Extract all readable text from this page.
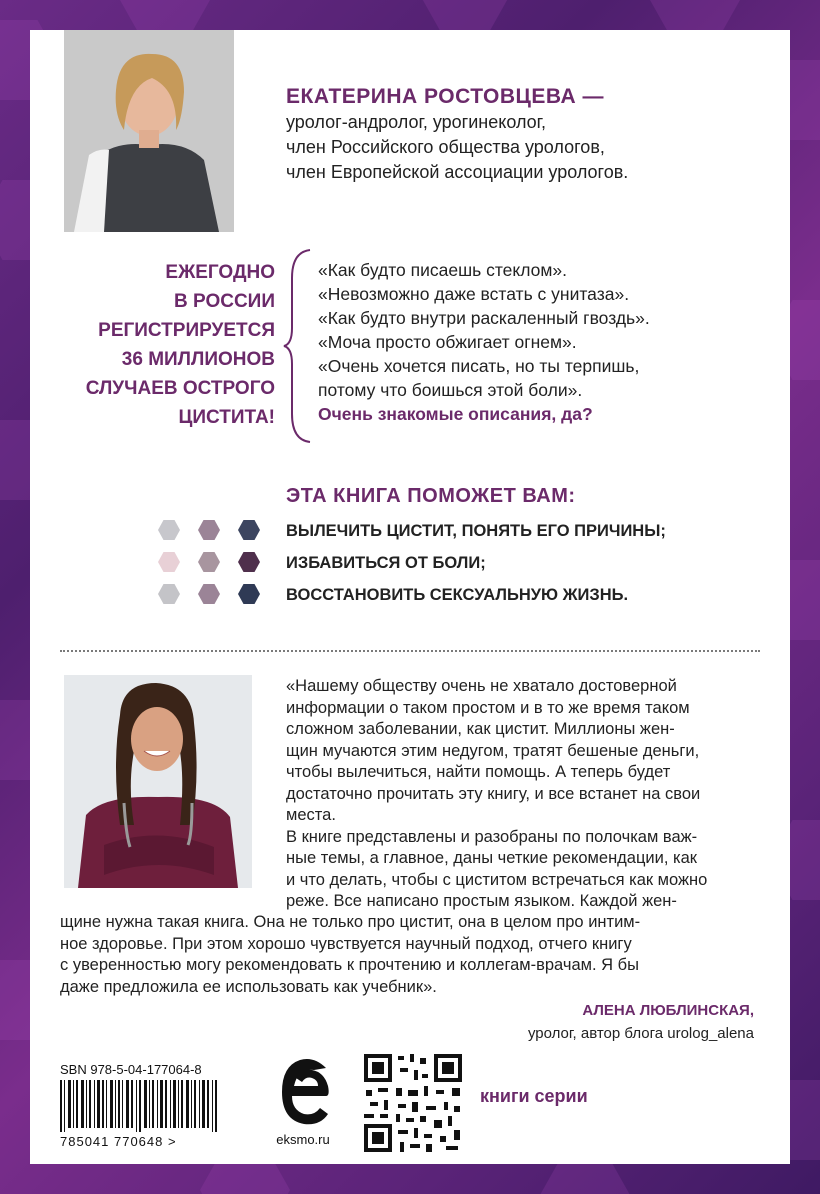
ЕКАТЕРИНА РОСТОВЦЕВА —
уролог-андролог, урогинеколог,
член Российского общества урологов,
член Европейской ассоциации урологов.
ЕЖЕГОДНО
В РОССИИ
РЕГИСТРИРУЕТСЯ
36 МИЛЛИОНОВ
СЛУЧАЕВ ОСТРОГО
ЦИСТИТА!
«Как будто писаешь стеклом».
«Невозможно даже встать с унитаза».
«Как будто внутри раскаленный гвоздь».
«Моча просто обжигает огнем».
«Очень хочется писать, но ты терпишь,
потому что боишься этой боли».
Очень знакомые описания, да?
ЭТА КНИГА ПОМОЖЕТ ВАМ:
ВЫЛЕЧИТЬ ЦИСТИТ, ПОНЯТЬ ЕГО ПРИЧИНЫ;
ИЗБАВИТЬСЯ ОТ БОЛИ;
ВОССТАНОВИТЬ СЕКСУАЛЬНУЮ ЖИЗНЬ.
«Нашему обществу очень не хватало достоверной
информации о таком простом и в то же время таком
сложном заболевании, как цистит. Миллионы жен-
щин мучаются этим недугом, тратят бешеные деньги,
чтобы вылечиться, найти помощь. А теперь будет
достаточно прочитать эту книгу, и все встанет на свои
места.
В книге представлены и разобраны по полочкам важ-
ные темы, а главное, даны четкие рекомендации, как
и что делать, чтобы с циститом встречаться как можно
реже. Все написано простым языком. Каждой жен-
щине нужна такая книга. Она не только про цистит, она в целом про интим-
ное здоровье. При этом хорошо чувствуется научный подход, отчего книгу
с уверенностью могу рекомендовать к прочтению и коллегам-врачам. Я бы
даже предложила ее использовать как учебник».
АЛЕНА ЛЮБЛИНСКАЯ,
уролог, автор блога urolog_alena
SBN 978-5-04-177064-8
785041 770648 >	eksmo.ru
книги серии
